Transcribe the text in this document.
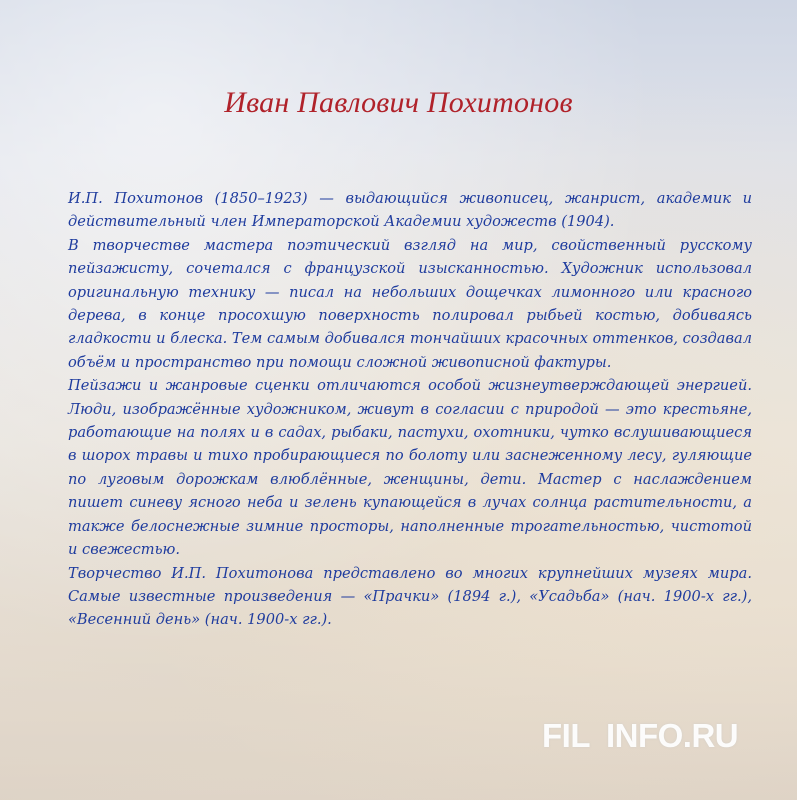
Иван Павлович Похитонов

И.П. Похитонов (1850–1923) — выдающийся живописец, жанрист, академик и действительный член Императорской Академии художеств (1904).

В творчестве мастера поэтический взгляд на мир, свойственный русскому пейзажисту, сочетался с французской изысканностью. Художник использовал оригинальную технику — писал на небольших дощечках лимонного или красного дерева, в конце просохшую поверхность полировал рыбьей костью, добиваясь гладкости и блеска. Тем самым добивался тончайших красочных оттенков, создавал объём и пространство при помощи сложной живописной фактуры.

Пейзажи и жанровые сценки отличаются особой жизнеутверждающей энергией. Люди, изображённые художником, живут в согласии с природой — это крестьяне, работающие на полях и в садах, рыбаки, пастухи, охотники, чутко вслушивающиеся в шорох травы и тихо пробирающиеся по болоту или заснеженному лесу, гуляющие по луговым дорожкам влюблённые, женщины, дети. Мастер с наслаждением пишет синеву ясного неба и зелень купающейся в лучах солнца растительности, а также белоснежные зимние просторы, наполненные трогательностью, чистотой и свежестью.

Творчество И.П. Похитонова представлено во многих крупнейших музеях мира. Самые известные произведения — «Прачки» (1894 г.), «Усадьба» (нач. 1900-х гг.), «Весенний день» (нач. 1900-х гг.).

FIL INFO.RU
